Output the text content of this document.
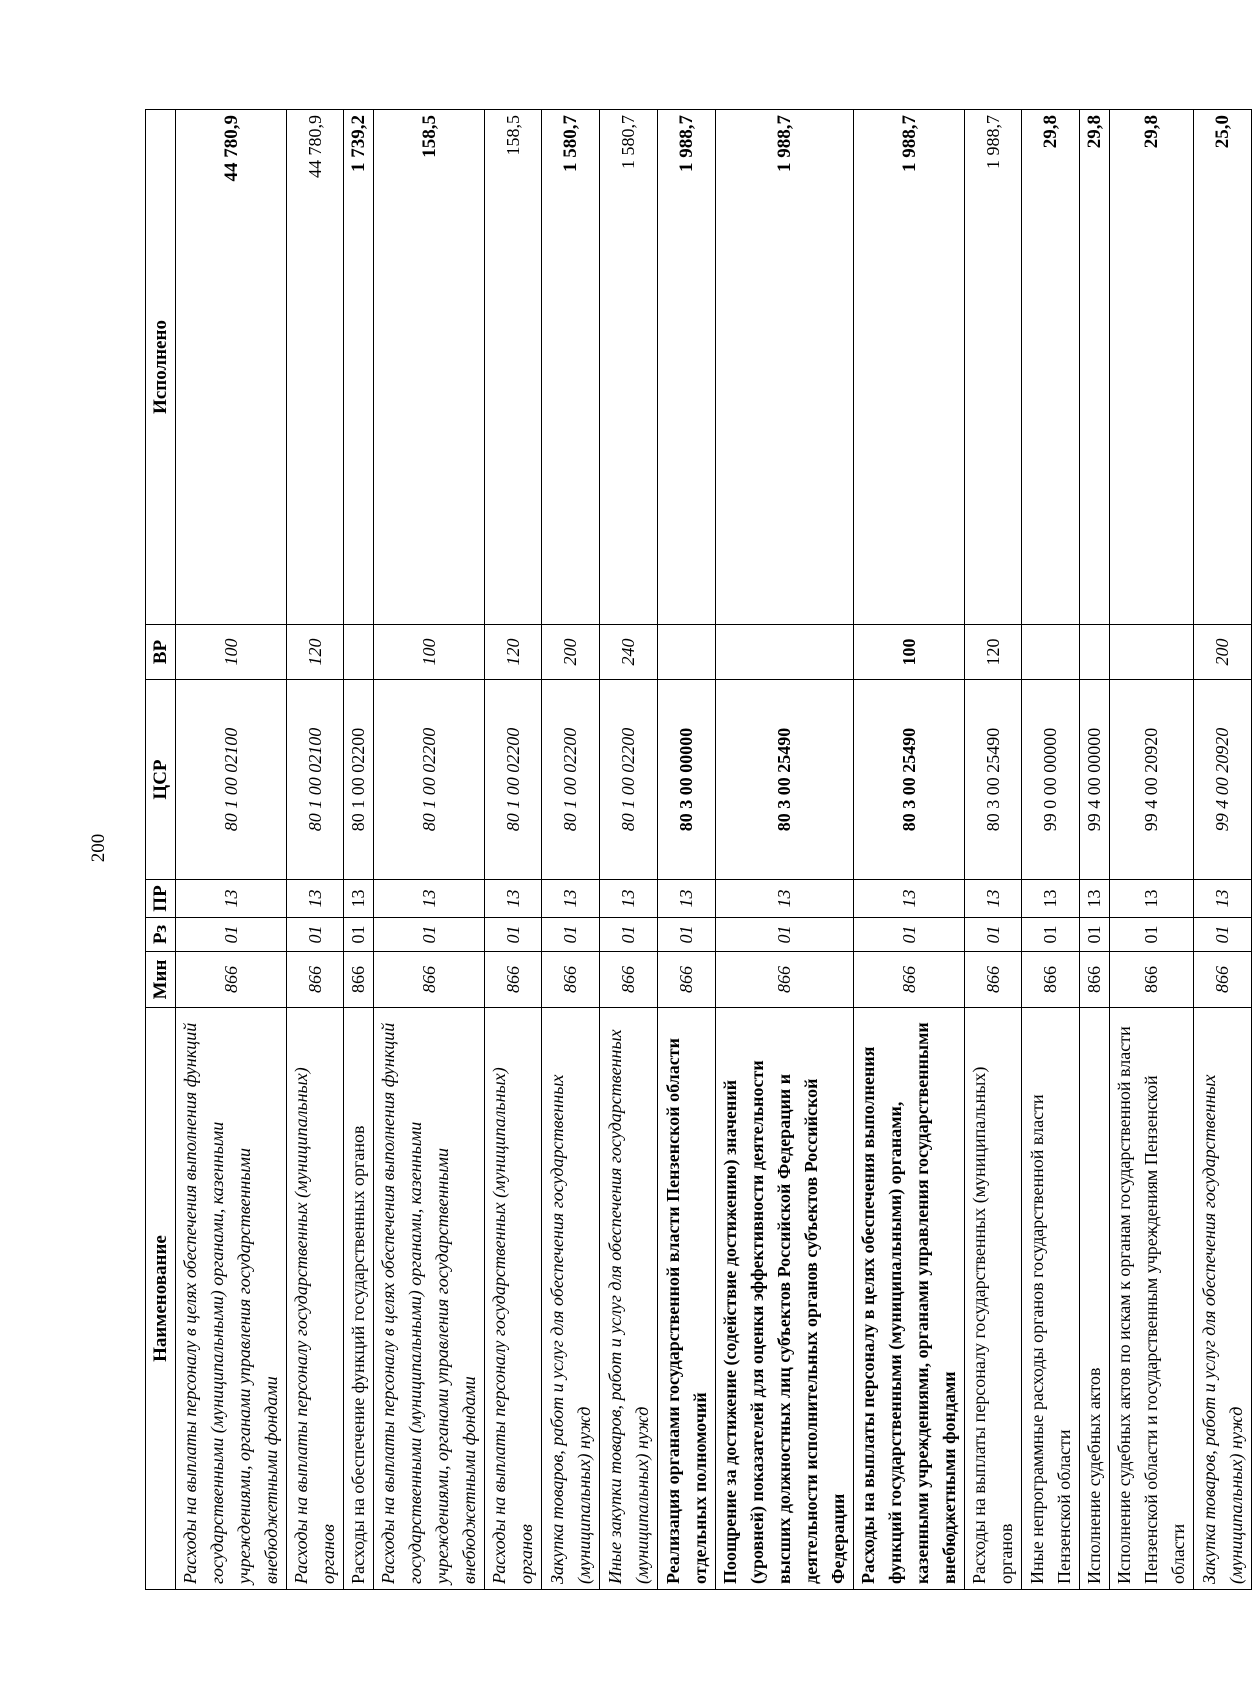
200
Наименование	Мин	Рз	ПР	ЦСР	ВР	Исполнено
Расходы на выплаты персоналу в целях обеспечения выполнения функций государственными (муниципальными) органами, казенными учреждениями, органами управления государственными внебюджетными фондами	866	01	13	80 1 00 02100	100	44 780,9
Расходы на выплаты персоналу государственных (муниципальных) органов	866	01	13	80 1 00 02100	120	44 780,9
Расходы на обеспечение функций государственных органов	866	01	13	80 1 00 02200		1 739,2
Расходы на выплаты персоналу в целях обеспечения выполнения функций государственными (муниципальными) органами, казенными учреждениями, органами управления государственными внебюджетными фондами	866	01	13	80 1 00 02200	100	158,5
Расходы на выплаты персоналу государственных (муниципальных) органов	866	01	13	80 1 00 02200	120	158,5
Закупка товаров, работ и услуг для обеспечения государственных (муниципальных) нужд	866	01	13	80 1 00 02200	200	1 580,7
Иные закупки товаров, работ и услуг для обеспечения государственных (муниципальных) нужд	866	01	13	80 1 00 02200	240	1 580,7
Реализация органами государственной власти Пензенской области отдельных полномочий	866	01	13	80 3 00 00000		1 988,7
Поощрение за достижение (содействие достижению) значений (уровней) показателей для оценки эффективности деятельности высших должностных лиц субъектов Российской Федерации и деятельности исполнительных органов субъектов Российской Федерации	866	01	13	80 3 00 25490		1 988,7
Расходы на выплаты персоналу в целях обеспечения выполнения функций государственными (муниципальными) органами, казенными учреждениями, органами управления государственными внебюджетными фондами	866	01	13	80 3 00 25490	100	1 988,7
Расходы на выплаты персоналу государственных (муниципальных) органов	866	01	13	80 3 00 25490	120	1 988,7
Иные непрограммные расходы органов государственной власти Пензенской области	866	01	13	99 0 00 00000		29,8
Исполнение судебных актов	866	01	13	99 4 00 00000		29,8
Исполнение судебных актов по искам к органам государственной власти Пензенской области и государственным учреждениям Пензенской области	866	01	13	99 4 00 20920		29,8
Закупка товаров, работ и услуг для обеспечения государственных (муниципальных) нужд	866	01	13	99 4 00 20920	200	25,0
